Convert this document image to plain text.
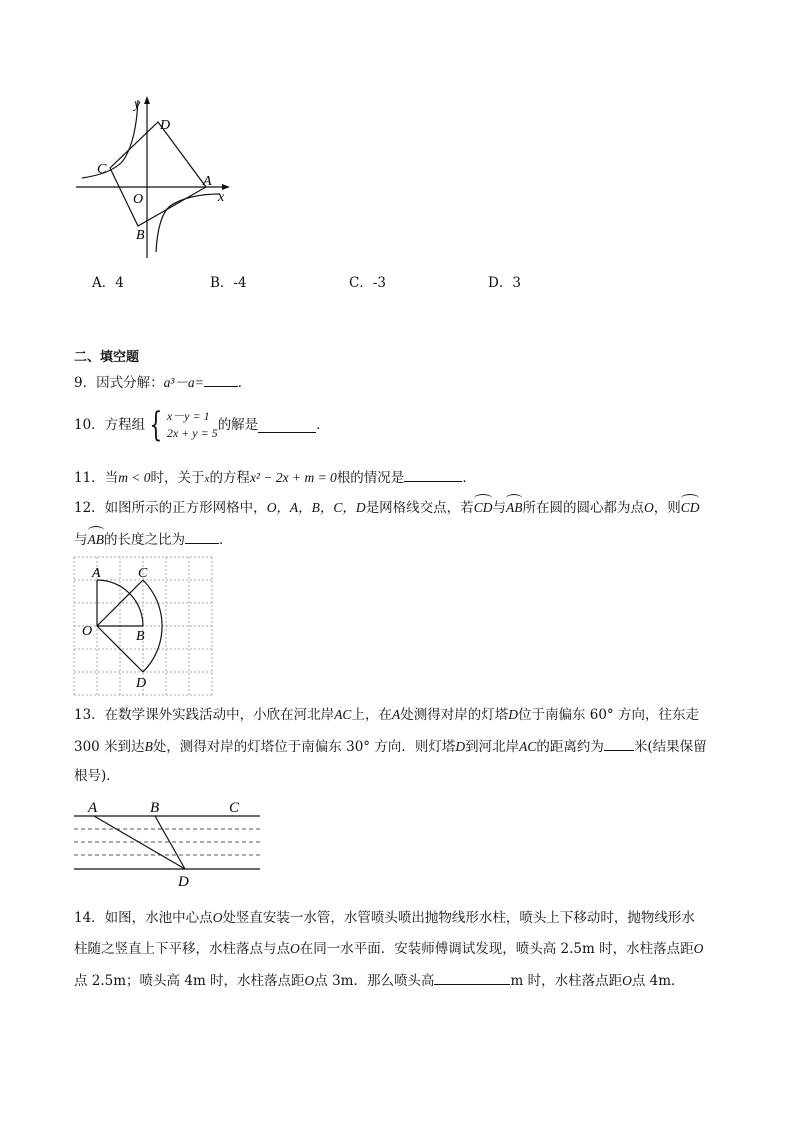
y
D
C
O
A
x
B
A．4	B．-4	C．-3	D．3
二、填空题
9．因式分解：a³－a=	．
10．方程组 { x－y = 1
2x + y = 5 的解是	．
11．当m < 0时，关于x的方程x² − 2x + m = 0根的情况是	．
12．如图所示的正方形网格中，O，A，B，C，D是网格线交点，若CD与AB所在圆的圆心都为点O，则CD
与AB的长度之比为	．
A	C
O	B
D
13．在数学课外实践活动中，小欣在河北岸AC上，在A处测得对岸的灯塔D位于南偏东 60° 方向，往东走
300 米到达B处，测得对岸的灯塔位于南偏东 30° 方向．则灯塔D到河北岸AC的距离约为 米(结果保留
根号)．
A	B	C
D
14．如图，水池中心点O处竖直安装一水管，水管喷头喷出抛物线形水柱，喷头上下移动时，抛物线形水
柱随之竖直上下平移，水柱落点与点O在同一水平面．安装师傅调试发现，喷头高 2.5m 时，水柱落点距O
点 2.5m；喷头高 4m 时，水柱落点距O点 3m．那么喷头高	m 时，水柱落点距O点 4m．
